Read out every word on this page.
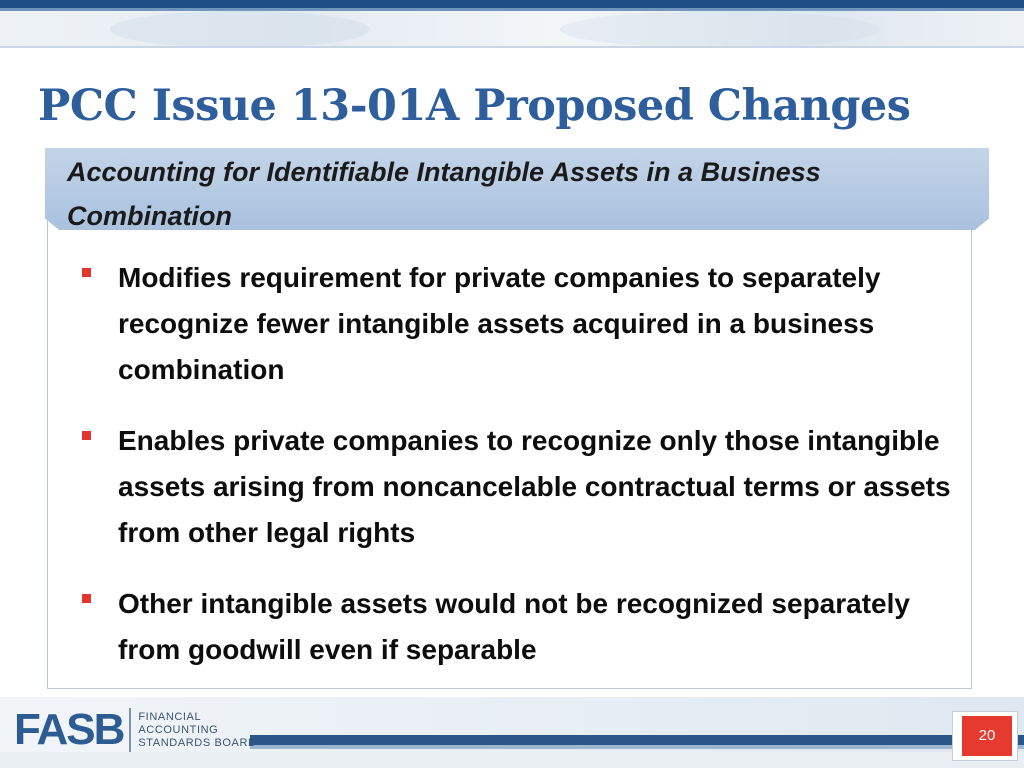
PCC Issue 13-01A Proposed Changes

Accounting for Identifiable Intangible Assets in a Business Combination

Modifies requirement for private companies to separately recognize fewer intangible assets acquired in a business combination
Enables private companies to recognize only those intangible assets arising from noncancelable contractual terms or assets from other legal rights
Other intangible assets would not be recognized separately from goodwill even if separable
FASB FINANCIAL
ACCOUNTING
STANDARDS BOARD	20
